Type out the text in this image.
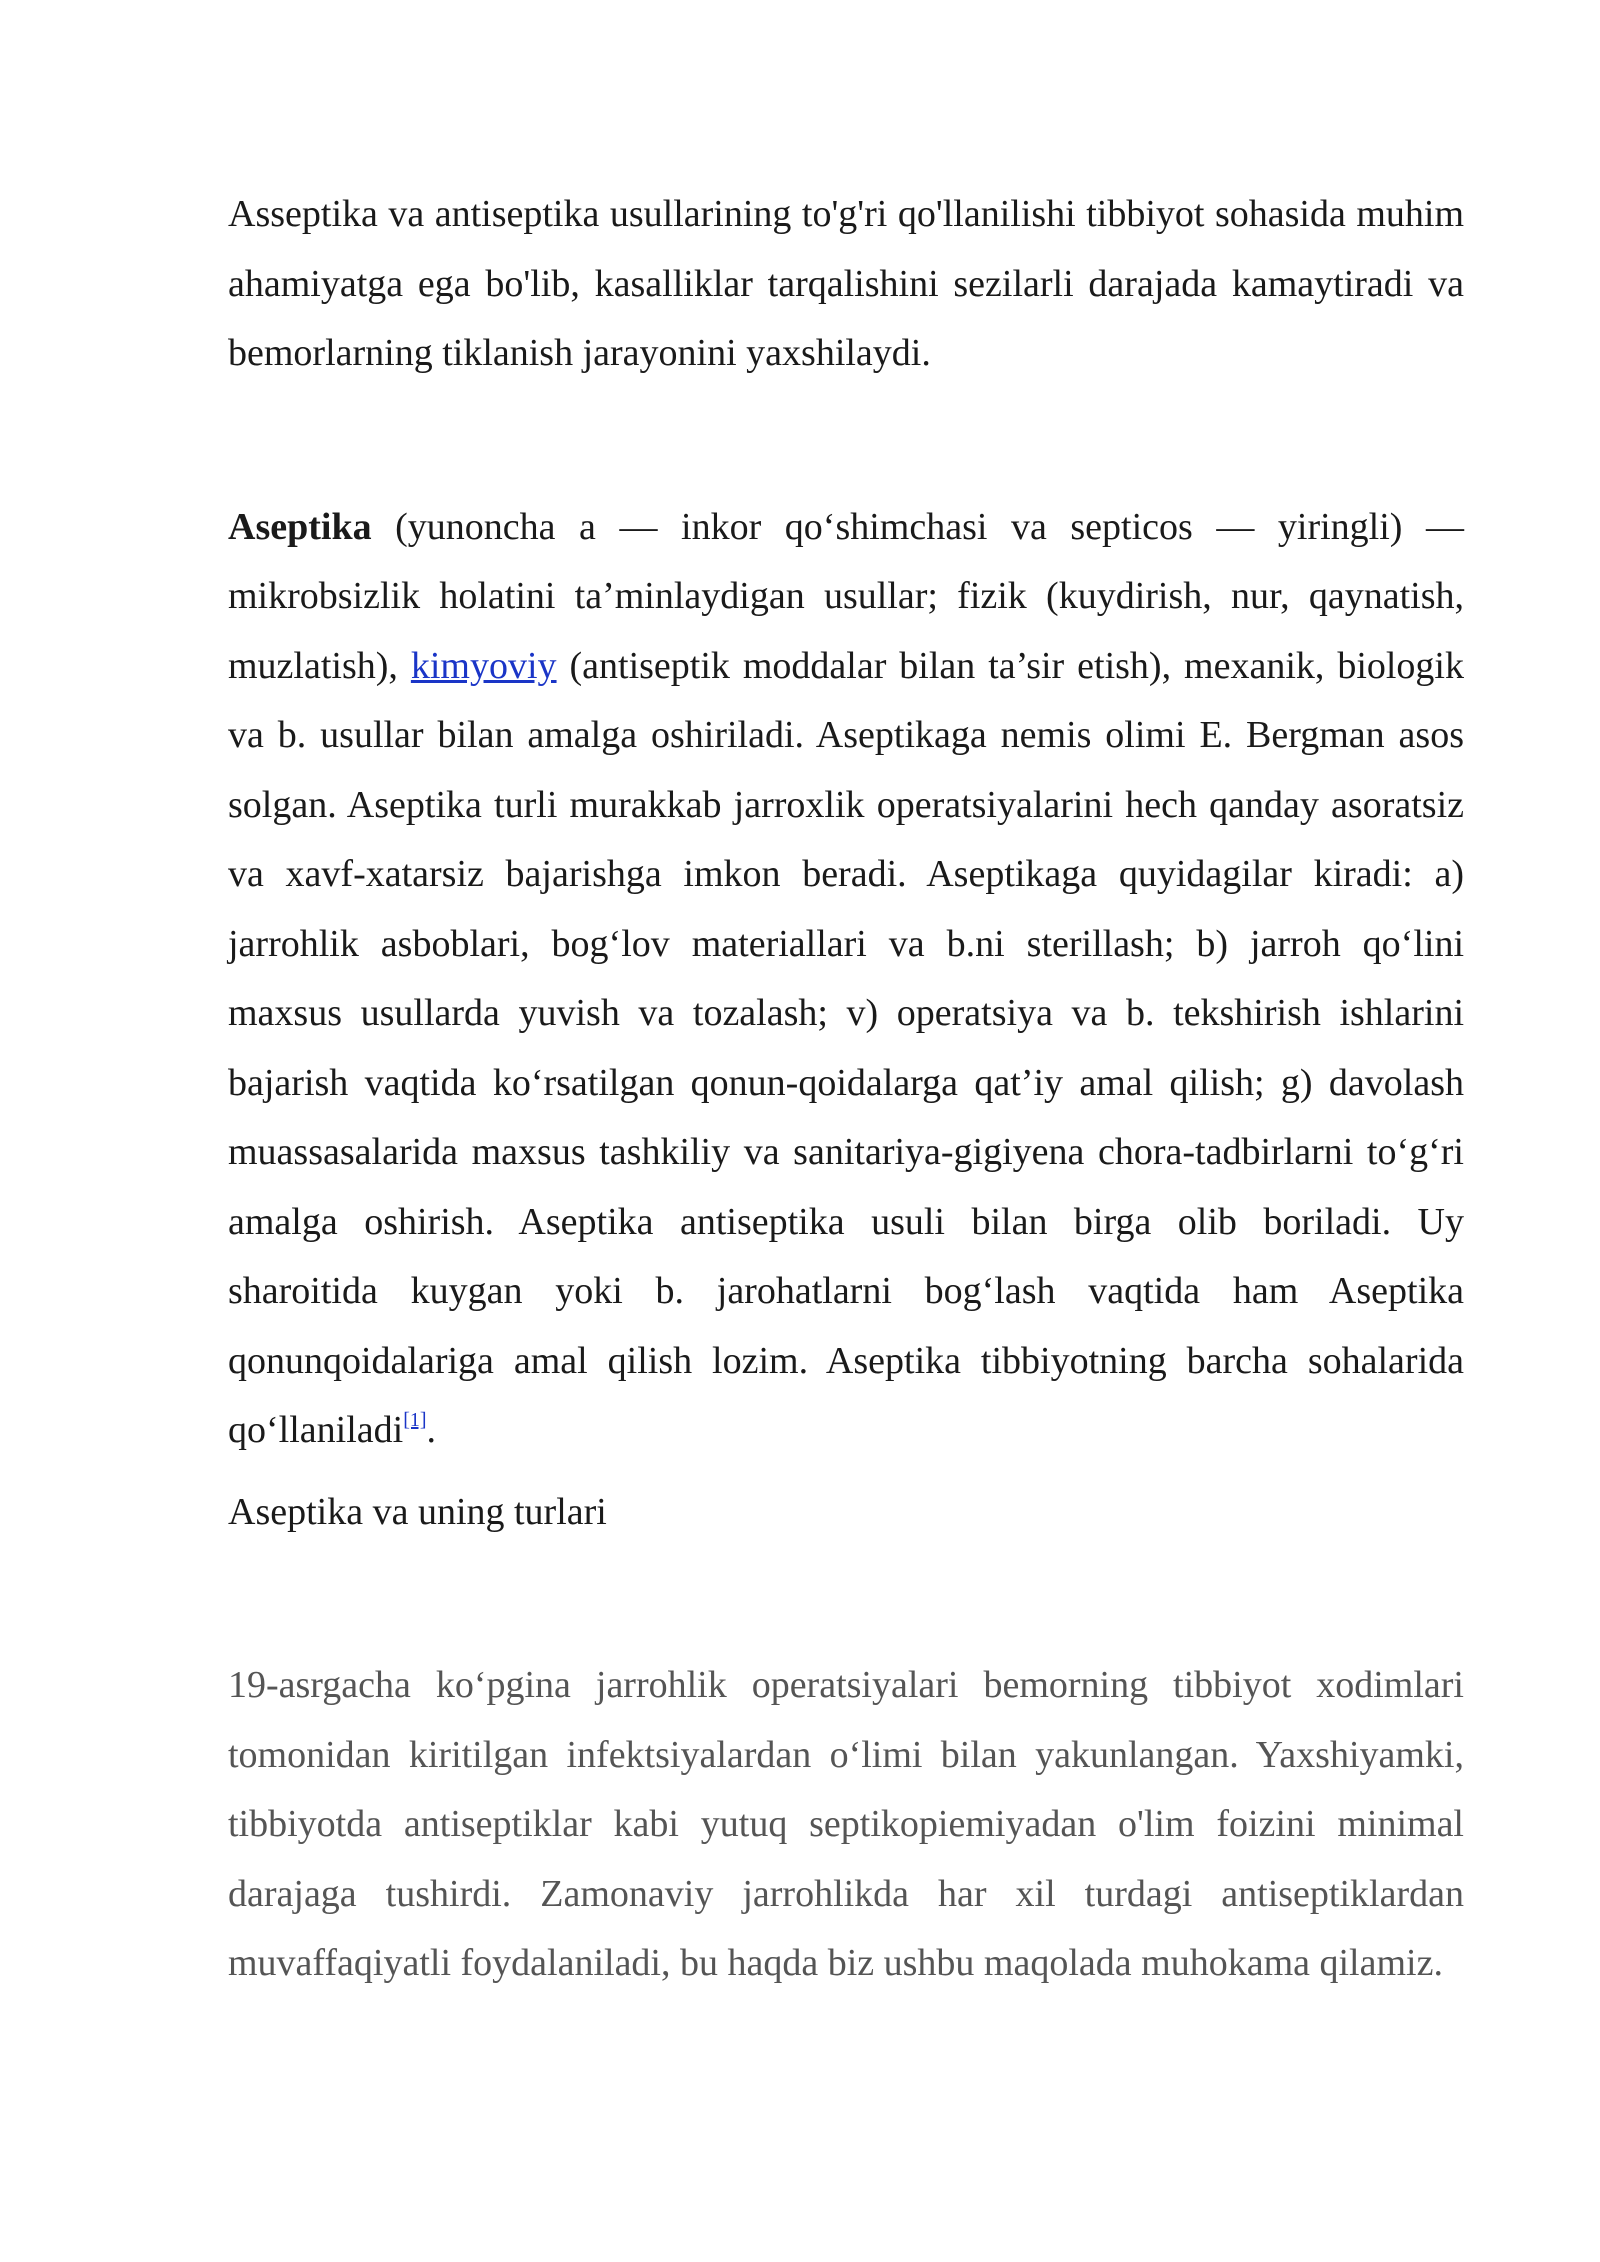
Asseptika va antiseptika usullarining to'g'ri qo'llanilishi tibbiyot sohasida muhim ahamiyatga ega bo'lib, kasalliklar tarqalishini sezilarli darajada kamaytiradi va bemorlarning tiklanish jarayonini yaxshilaydi.

Aseptika (yunoncha a — inkor qo‘shimchasi va septicos — yiringli) — mikrobsizlik holatini ta’minlaydigan usullar; fizik (kuydirish, nur, qaynatish, muzlatish), kimyoviy (antiseptik moddalar bilan ta’sir etish), mexanik, biologik va b. usullar bilan amalga oshiriladi. Aseptikaga nemis olimi E. Bergman asos solgan. Aseptika turli murakkab jarroxlik operatsiyalarini hech qanday asoratsiz va xavf-xatarsiz bajarishga imkon beradi. Aseptikaga quyidagilar kiradi: a) jarrohlik asboblari, bog‘lov materiallari va b.ni sterillash; b) jarroh qo‘lini maxsus usullarda yuvish va tozalash; v) operatsiya va b. tekshirish ishlarini bajarish vaqtida ko‘rsatilgan qonun-qoidalarga qat’iy amal qilish; g) davolash muassasalarida maxsus tashkiliy va sanitariya-gigiyena chora-tadbirlarni to‘g‘ri amalga oshirish. Aseptika antiseptika usuli bilan birga olib boriladi. Uy sharoitida kuygan yoki b. jarohatlarni bog‘lash vaqtida ham Aseptika qonunqoidalariga amal qilish lozim. Aseptika tibbiyotning barcha sohalarida qo‘llaniladi[1].

Aseptika va uning turlari

19-asrgacha ko‘pgina jarrohlik operatsiyalari bemorning tibbiyot xodimlari tomonidan kiritilgan infektsiyalardan o‘limi bilan yakunlangan. Yaxshiyamki, tibbiyotda antiseptiklar kabi yutuq septikopiemiyadan o'lim foizini minimal darajaga tushirdi. Zamonaviy jarrohlikda har xil turdagi antiseptiklardan muvaffaqiyatli foydalaniladi, bu haqda biz ushbu maqolada muhokama qilamiz.
